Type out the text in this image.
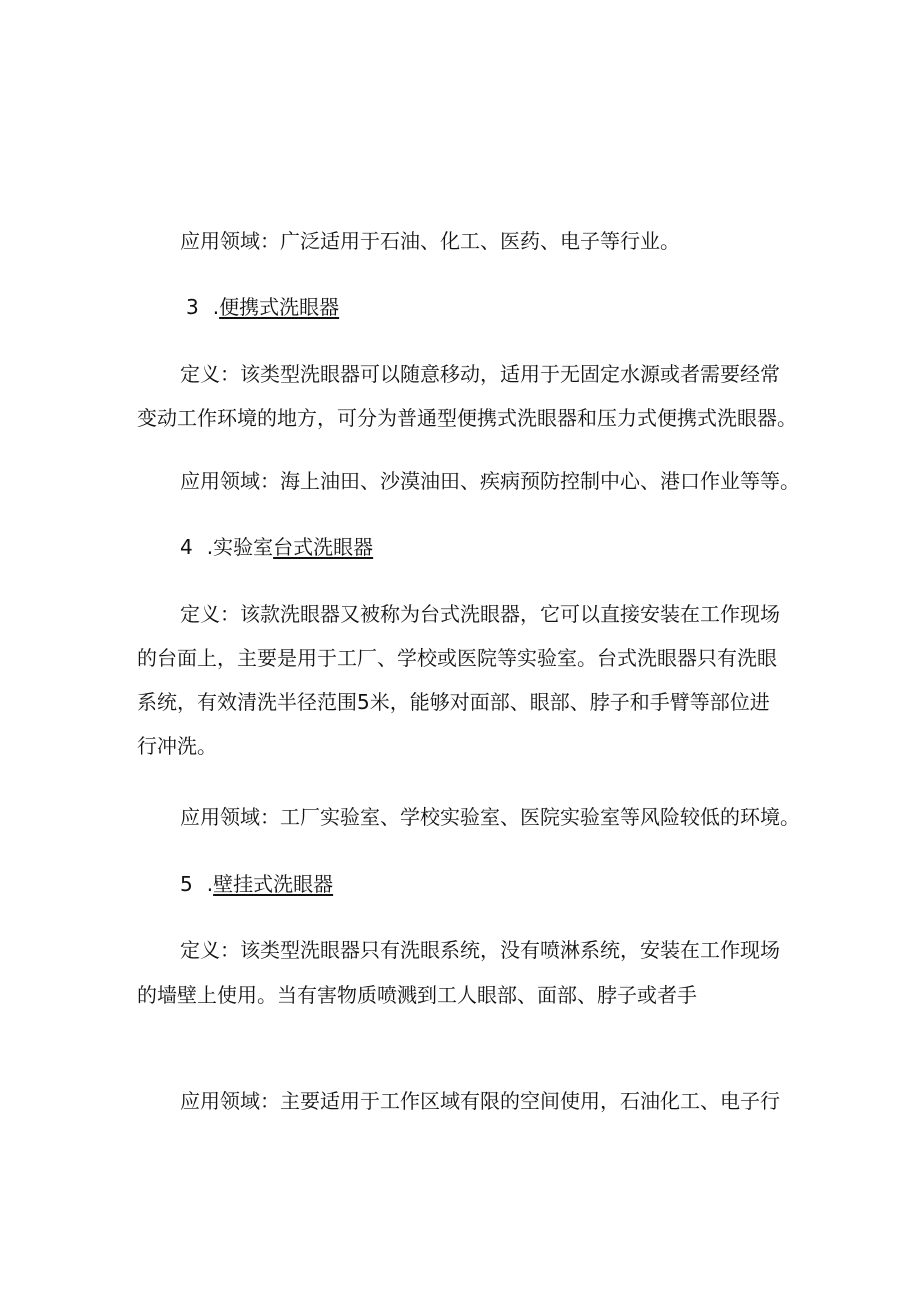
应用领域：广泛适用于石油、化工、医药、电子等行业。

3 .便携式洗眼器

定义：该类型洗眼器可以随意移动，适用于无固定水源或者需要经常

变动工作环境的地方，可分为普通型便携式洗眼器和压力式便携式洗眼器。

应用领域：海上油田、沙漠油田、疾病预防控制中心、港口作业等等。

4 .实验室台式洗眼器

定义：该款洗眼器又被称为台式洗眼器，它可以直接安装在工作现场

的台面上，主要是用于工厂、学校或医院等实验室。台式洗眼器只有洗眼

系统，有效清洗半径范围5米，能够对面部、眼部、脖子和手臂等部位进

行冲洗。

应用领域：工厂实验室、学校实验室、医院实验室等风险较低的环境。

5 .壁挂式洗眼器

定义：该类型洗眼器只有洗眼系统，没有喷淋系统，安装在工作现场

的墙壁上使用。当有害物质喷溅到工人眼部、面部、脖子或者手

应用领域：主要适用于工作区域有限的空间使用，石油化工、电子行
